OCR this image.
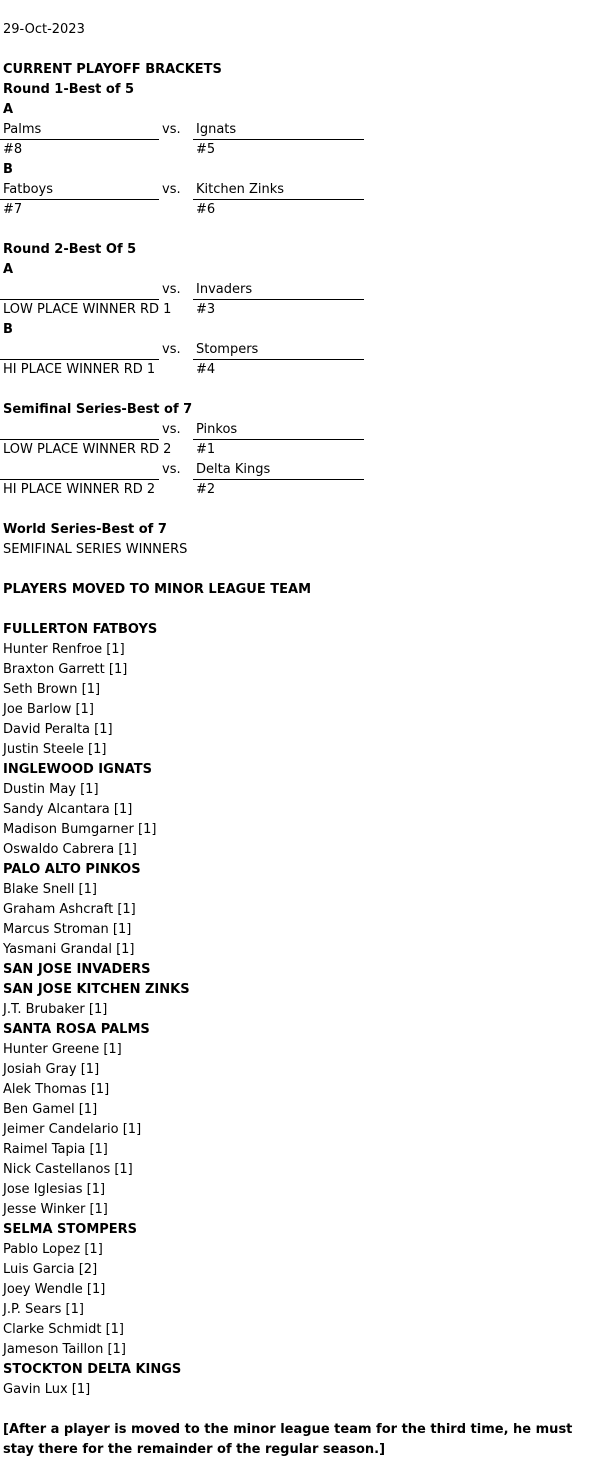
29-Oct-2023
CURRENT PLAYOFF BRACKETS
Round 1-Best of 5
A
Palms	vs. Ignats
#8	#5
B
Fatboys	vs. Kitchen Zinks
#7	#6
Round 2-Best Of 5
A
vs. Invaders
LOW PLACE WINNER RD 1 #3
B
vs. Stompers
HI PLACE WINNER RD 1	#4
Semifinal Series-Best of 7
vs. Pinkos
LOW PLACE WINNER RD 2 #1
vs. Delta Kings
HI PLACE WINNER RD 2	#2
World Series-Best of 7
SEMIFINAL SERIES WINNERS
PLAYERS MOVED TO MINOR LEAGUE TEAM
FULLERTON FATBOYS
Hunter Renfroe [1]
Braxton Garrett [1]
Seth Brown [1]
Joe Barlow [1]
David Peralta [1]
Justin Steele [1]
INGLEWOOD IGNATS
Dustin May [1]
Sandy Alcantara [1]
Madison Bumgarner [1]
Oswaldo Cabrera [1]
PALO ALTO PINKOS
Blake Snell [1]
Graham Ashcraft [1]
Marcus Stroman [1]
Yasmani Grandal [1]
SAN JOSE INVADERS
SAN JOSE KITCHEN ZINKS
J.T. Brubaker [1]
SANTA ROSA PALMS
Hunter Greene [1]
Josiah Gray [1]
Alek Thomas [1]
Ben Gamel [1]
Jeimer Candelario [1]
Raimel Tapia [1]
Nick Castellanos [1]
Jose Iglesias [1]
Jesse Winker [1]
SELMA STOMPERS
Pablo Lopez [1]
Luis Garcia [2]
Joey Wendle [1]
J.P. Sears [1]
Clarke Schmidt [1]
Jameson Taillon [1]
STOCKTON DELTA KINGS
Gavin Lux [1]
[After a player is moved to the minor league team for the third time, he must stay there for the remainder of the regular season.]
